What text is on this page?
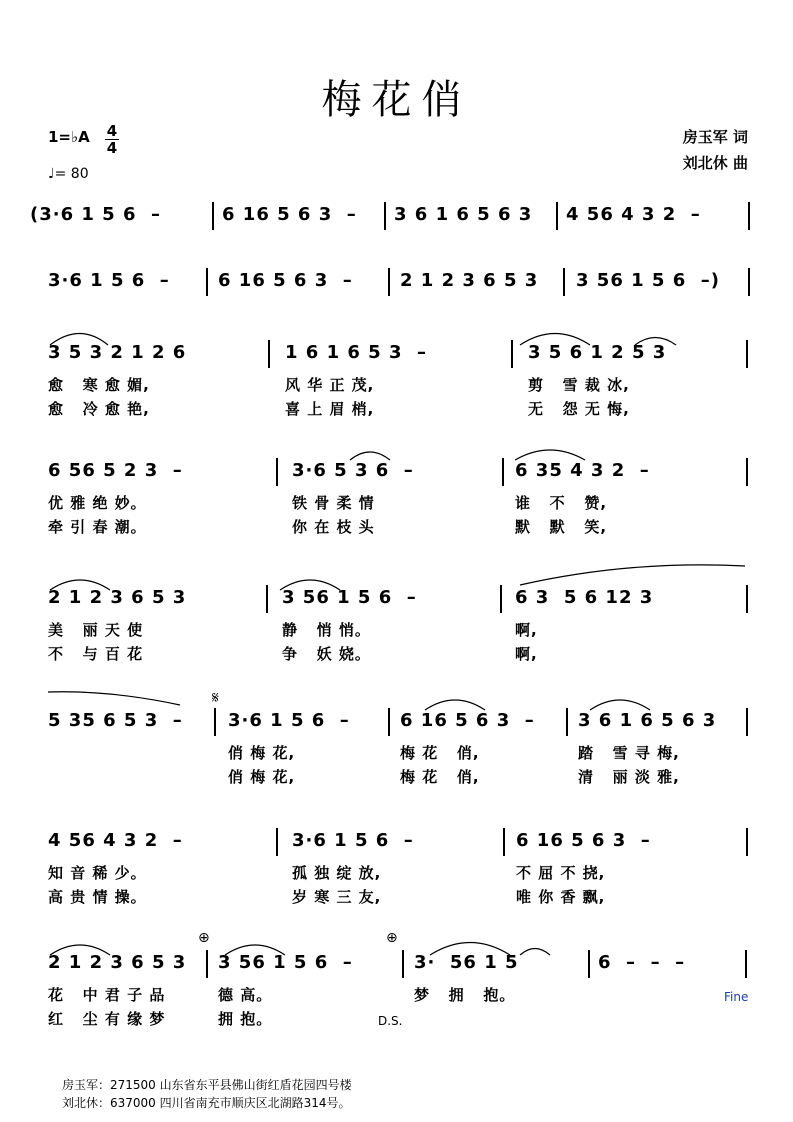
梅花俏
1=♭A 4
4
♩= 80
房玉军 词
刘北休 曲
(3·6 1 5 6  –	6 16 5 6 3  – 3 6 1 6 5 6 3 4 56 4 3 2  –
3·6 1 5 6  –	6 16 5 6 3  –	2 1 2 3 6 5 3 3 56 1 5 6  –)
3 5 3 2 1 2 6
愈   寒 愈 媚,
愈   冷 愈 艳,
1 6 1 6 5 3  –
风 华 正 茂,
喜 上 眉 梢,
3 5 6 1 2 5 3
剪   雪 裁 冰,
无   怨 无 悔,
6 56 5 2 3  –
优 雅 绝 妙。
牵 引 春 潮。
3·6 5 3 6  –
铁 骨 柔 情
你 在 枝 头
6 35 4 3 2  –
谁   不   赞,
默   默   笑,
2 1 2 3 6 5 3
美   丽 天 使
不   与 百 花
3 56 1 5 6  –
静   悄 悄。
争   妖 娆。
6 3  5 6 12 3
啊,
啊,
5 35 6 5 3  –	3·6 1 5 6  –
俏 梅 花,
俏 梅 花,
6 16 5 6 3  –
梅 花   俏,
梅 花   俏,
3 6 1 6 5 6 3
踏   雪 寻 梅,
清   丽 淡 雅,
4 56 4 3 2  –
知 音 稀 少。
高 贵 情 操。
3·6 1 5 6  –
孤 独 绽 放,
岁 寒 三 友,
6 16 5 6 3  –
不 屈 不 挠,
唯 你 香 飘,
2 1 2 3 6 5 3
花   中 君 子 品
红   尘 有 缘 梦
3 56 1 5 6  –
德 高。
拥 抱。
3·  56 1 5
梦   拥   抱。
6  –  –  –
𝄋
⊕	⊕
D.S.
Fine
房玉军：271500 山东省东平县佛山街红盾花园四号楼
刘北休：637000 四川省南充市顺庆区北湖路314号。
